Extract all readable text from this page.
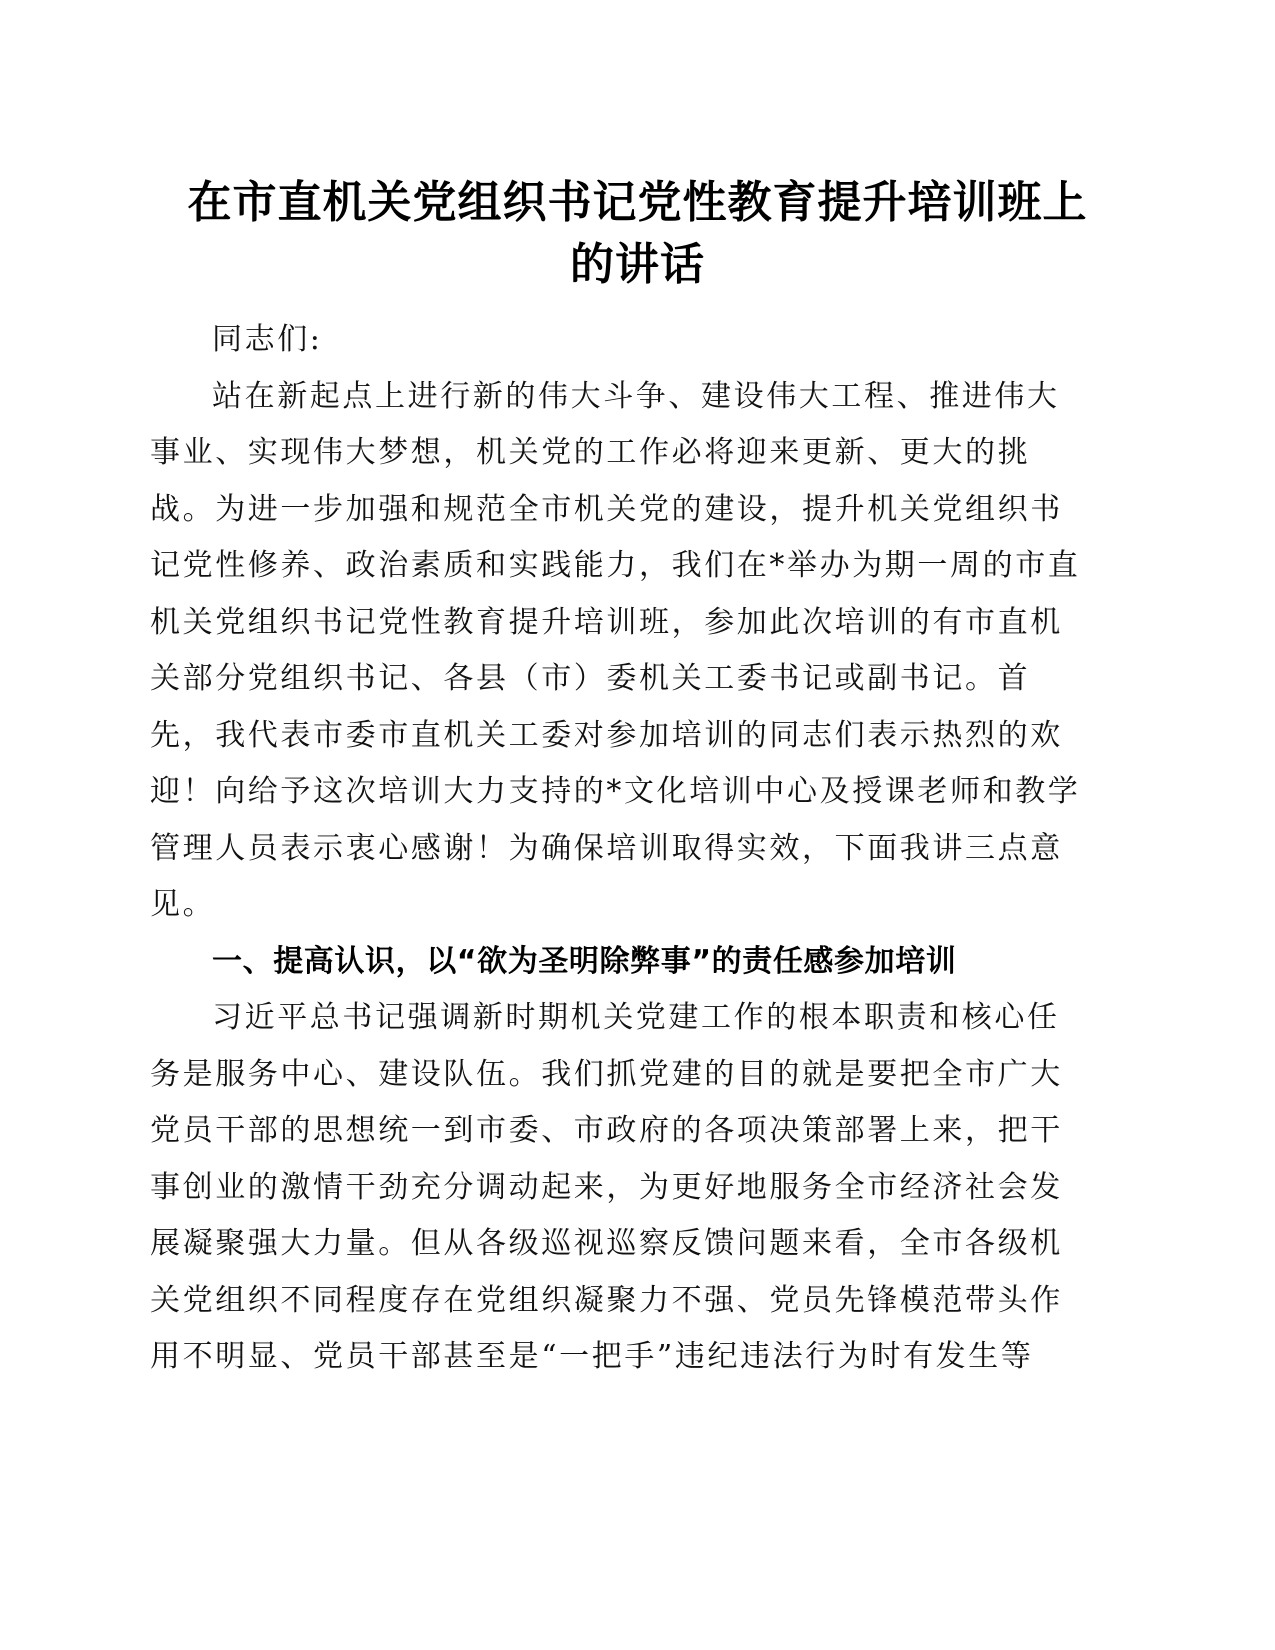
在市直机关党组织书记党性教育提升培训班上
的讲话
同志们:
站在新起点上进行新的伟大斗争、建设伟大工程、推进伟大
事业、实现伟大梦想，机关党的工作必将迎来更新、更大的挑
战。为进一步加强和规范全市机关党的建设，提升机关党组织书
记党性修养、政治素质和实践能力，我们在*举办为期一周的市直
机关党组织书记党性教育提升培训班，参加此次培训的有市直机
关部分党组织书记、各县（市）委机关工委书记或副书记。首
先，我代表市委市直机关工委对参加培训的同志们表示热烈的欢
迎！向给予这次培训大力支持的*文化培训中心及授课老师和教学
管理人员表示衷心感谢！为确保培训取得实效，下面我讲三点意
见。
一、提高认识，以“欲为圣明除弊事”的责任感参加培训
习近平总书记强调新时期机关党建工作的根本职责和核心任
务是服务中心、建设队伍。我们抓党建的目的就是要把全市广大
党员干部的思想统一到市委、市政府的各项决策部署上来，把干
事创业的激情干劲充分调动起来，为更好地服务全市经济社会发
展凝聚强大力量。但从各级巡视巡察反馈问题来看，全市各级机
关党组织不同程度存在党组织凝聚力不强、党员先锋模范带头作
用不明显、党员干部甚至是“一把手”违纪违法行为时有发生等
